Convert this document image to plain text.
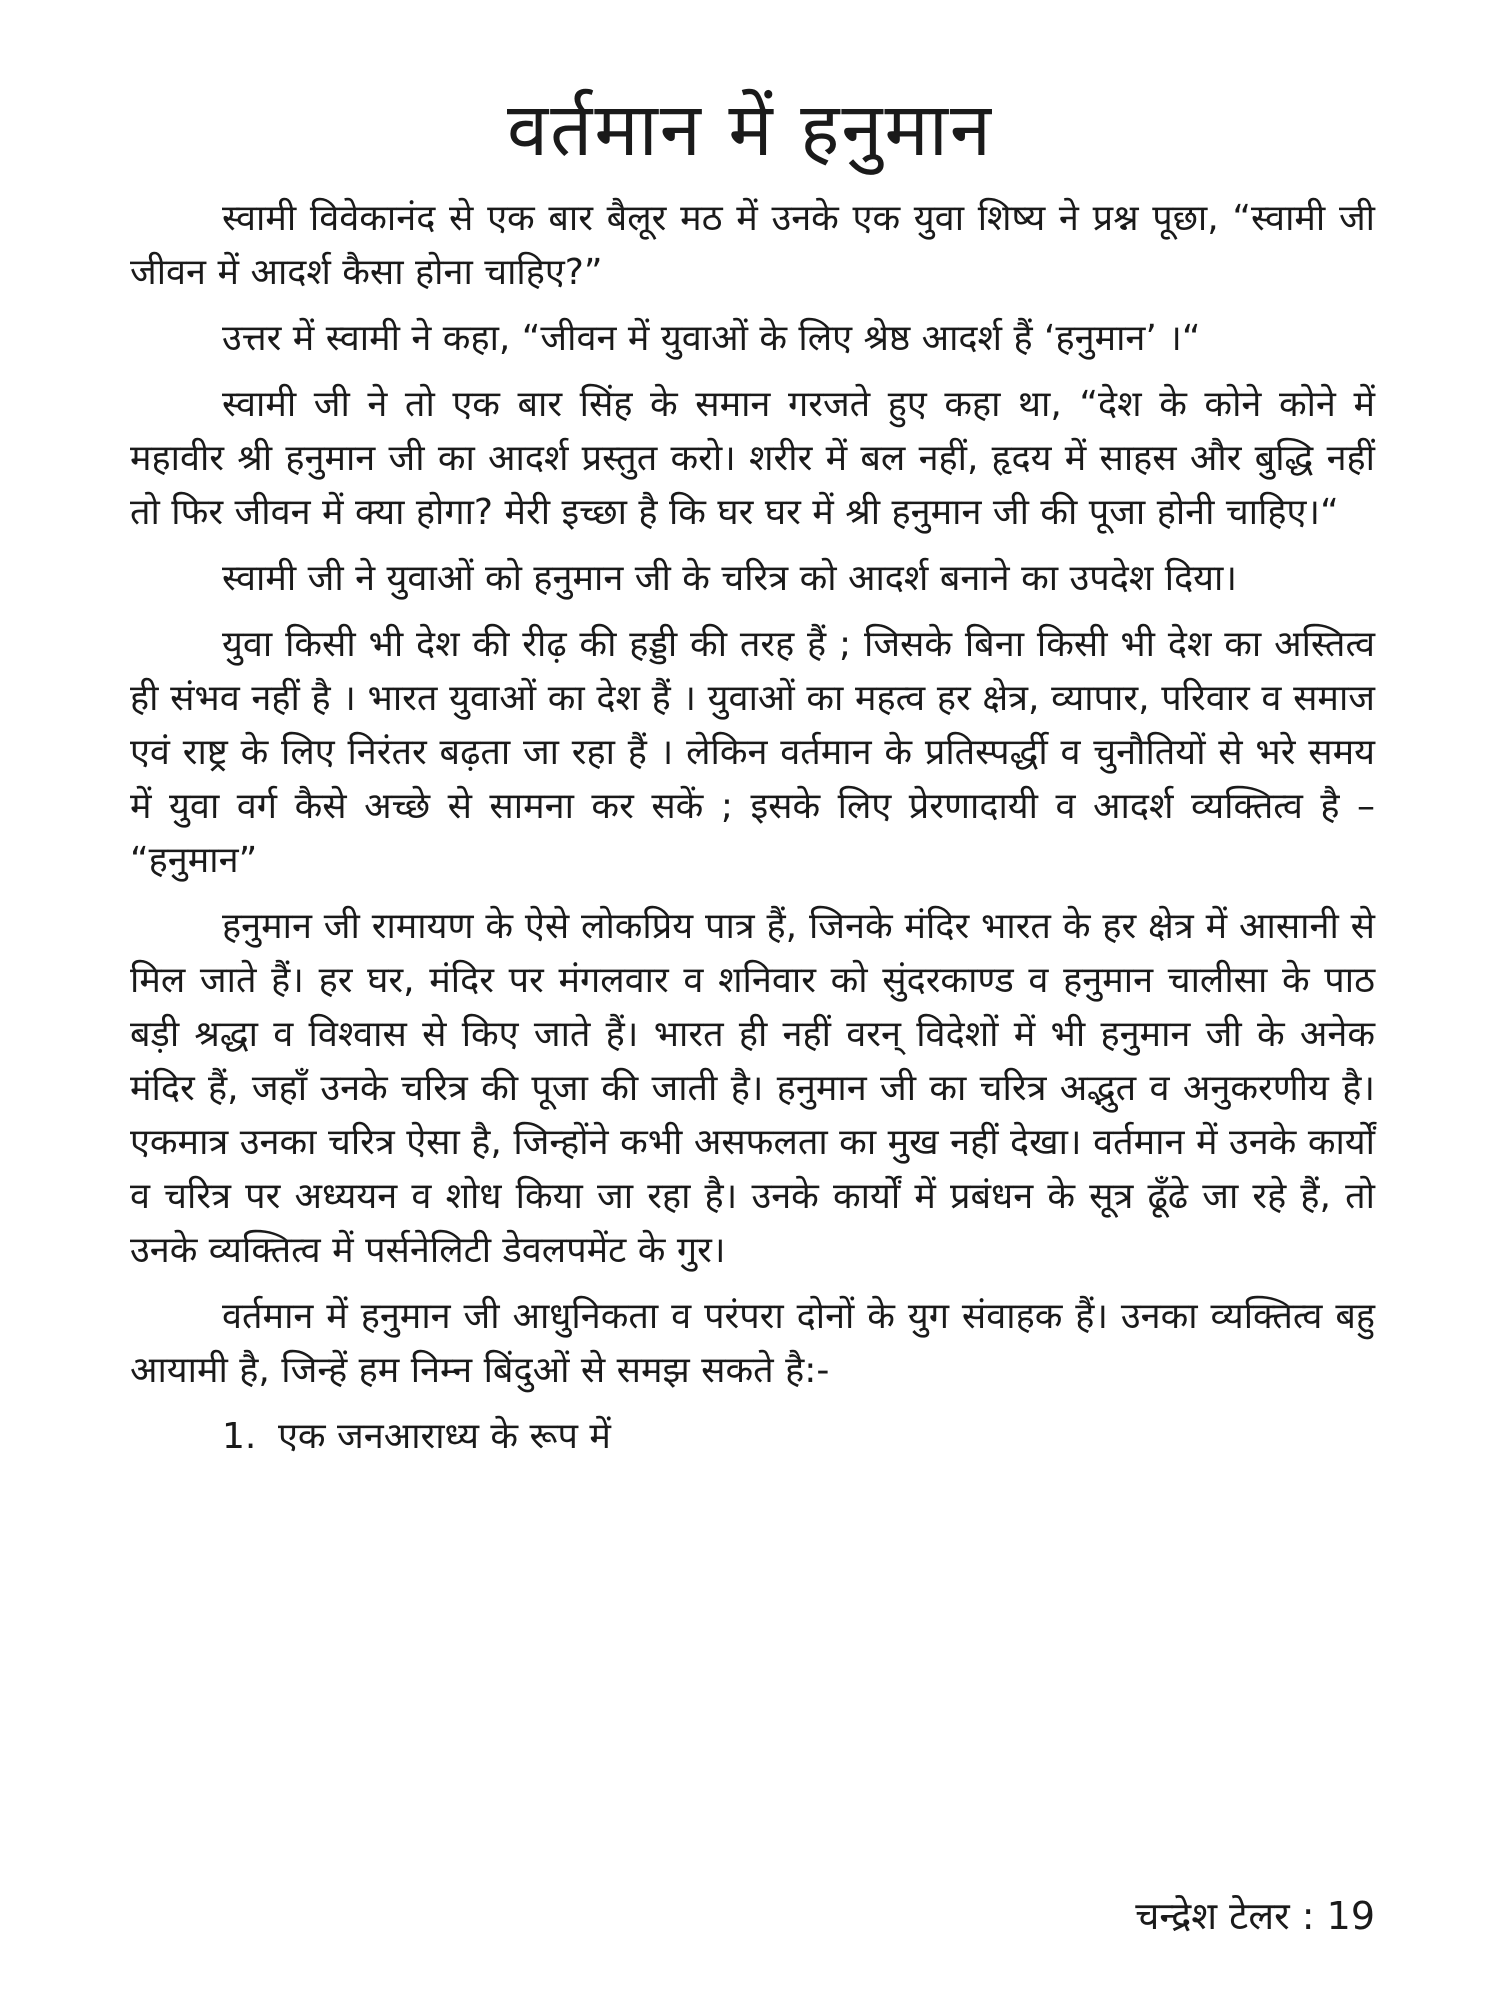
वर्तमान में हनुमान

स्वामी विवेकानंद से एक बार बैलूर मठ में उनके एक युवा शिष्य ने प्रश्न पूछा, “स्वामी जी जीवन में आदर्श कैसा होना चाहिए?”

उत्तर में स्वामी ने कहा, “जीवन में युवाओं के लिए श्रेष्ठ आदर्श हैं ‘हनुमान’ ।“

स्वामी जी ने तो एक बार सिंह के समान गरजते हुए कहा था, “देश के कोने कोने में महावीर श्री हनुमान जी का आदर्श प्रस्तुत करो। शरीर में बल नहीं, हृदय में साहस और बुद्धि नहीं तो फिर जीवन में क्या होगा? मेरी इच्छा है कि घर घर में श्री हनुमान जी की पूजा होनी चाहिए।“

स्वामी जी ने युवाओं को हनुमान जी के चरित्र को आदर्श बनाने का उपदेश दिया।

युवा किसी भी देश की रीढ़ की हड्डी की तरह हैं ; जिसके बिना किसी भी देश का अस्तित्व ही संभव नहीं है । भारत युवाओं का देश हैं । युवाओं का महत्व हर क्षेत्र, व्यापार, परिवार व समाज एवं राष्ट्र के लिए निरंतर बढ़ता जा रहा हैं । लेकिन वर्तमान के प्रतिस्पर्द्धी व चुनौतियों से भरे समय में युवा वर्ग कैसे अच्छे से सामना कर सकें ; इसके लिए प्रेरणादायी व आदर्श व्यक्तित्व है – “हनुमान”

हनुमान जी रामायण के ऐसे लोकप्रिय पात्र हैं, जिनके मंदिर भारत के हर क्षेत्र में आसानी से मिल जाते हैं। हर घर, मंदिर पर मंगलवार व शनिवार को सुंदरकाण्ड व हनुमान चालीसा के पाठ बड़ी श्रद्धा व विश्वास से किए जाते हैं। भारत ही नहीं वरन् विदेशों में भी हनुमान जी के अनेक मंदिर हैं, जहाँ उनके चरित्र की पूजा की जाती है। हनुमान जी का चरित्र अद्भुत व अनुकरणीय है। एकमात्र उनका चरित्र ऐसा है, जिन्होंने कभी असफलता का मुख नहीं देखा। वर्तमान में उनके कार्यों व चरित्र पर अध्ययन व शोध किया जा रहा है। उनके कार्यों में प्रबंधन के सूत्र ढूँढे जा रहे हैं, तो उनके व्यक्तित्व में पर्सनेलिटी डेवलपमेंट के गुर।

वर्तमान में हनुमान जी आधुनिकता व परंपरा दोनों के युग संवाहक हैं। उनका व्यक्तित्व बहु आयामी है, जिन्हें हम निम्न बिंदुओं से समझ सकते है:-

1. एक जनआराध्य के रूप में
चन्द्रेश टेलर : 19
